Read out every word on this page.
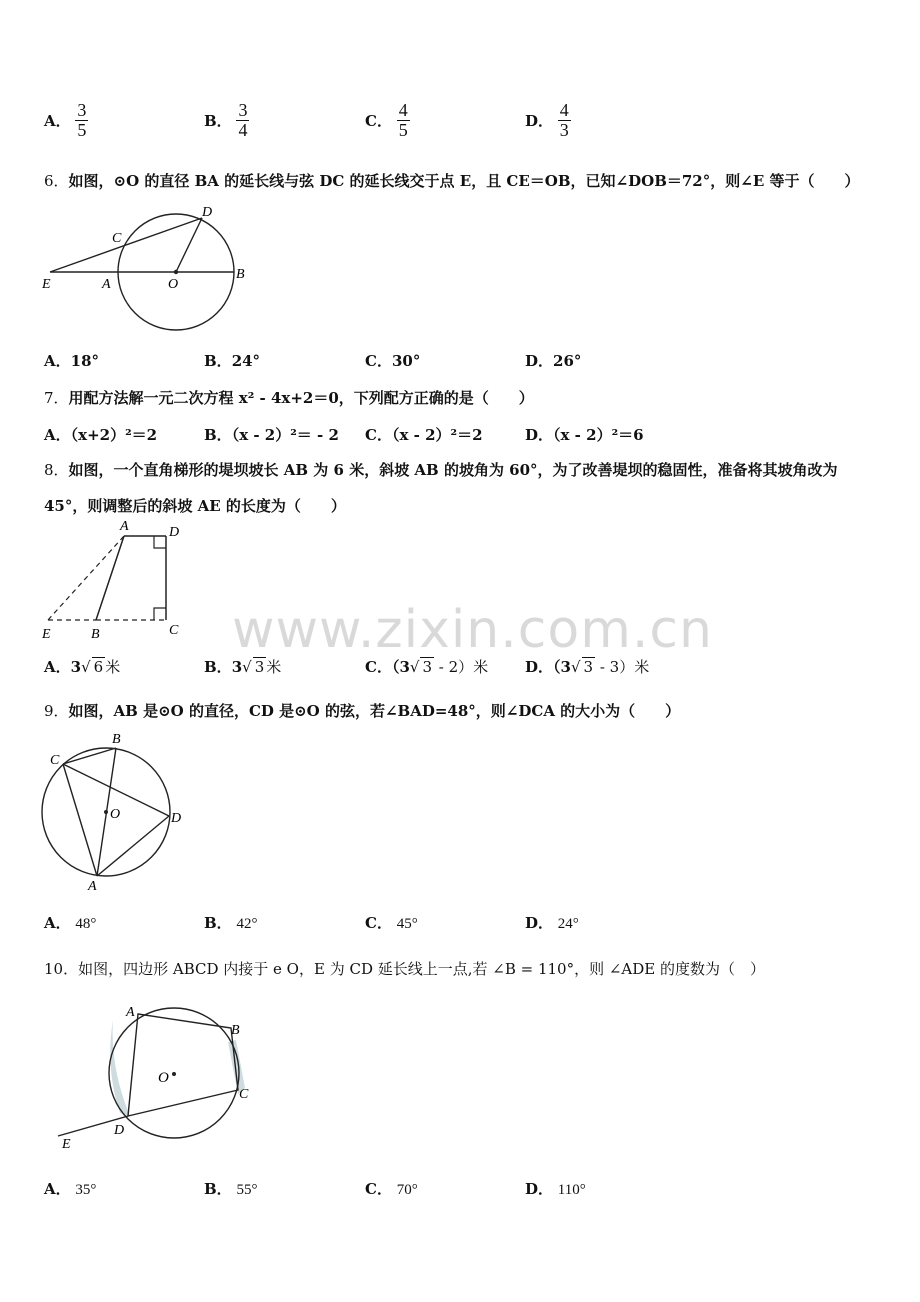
A． $\frac{3}{5}$	B． $\frac{3}{4}$	C． $\frac{4}{5}$	D． $\frac{4}{3}$
6．如图，⊙O 的直径 BA 的延长线与弦 DC 的延长线交于点 E，且 CE＝OB，已知∠DOB＝72°，则∠E 等于（　　）
D
C
E	A	O
B
A．18°	B．24°	C．30°	D．26°
7．用配方法解一元二次方程 x² - 4x+2＝0，下列配方正确的是（　　）
A．（x+2）²＝2	B．（x - 2）²＝ - 2 C．（x - 2）²＝2	D．（x - 2）²＝6
8．如图，一个直角梯形的堤坝坡长 AB 为 6 米，斜坡 AB 的坡角为 60°，为了改善堤坝的稳固性，准备将其坡角改为
45°，则调整后的斜坡 AE 的长度为（　　）
A	D
E	B	C
A．3√ 6 米	B．3√ 3 米	C．（3√ 3 - 2）米 D．（3√ 3 - 3）米
www.zixin.com.cn
9．如图，AB 是⊙O 的直径，CD 是⊙O 的弦，若∠BAD=48°，则∠DCA 的大小为（　　）
C
B
O	D
A
A． 48°	B． 42°	C． 45°	D． 24°
10．如图，四边形 ABCD 内接于 e O，E 为 CD 延长线上一点,若 ∠B = 110°，则 ∠ADE 的度数为（　）
A
B
O
C
D
E
A． 35°	B． 55°	C． 70°	D． 110°
